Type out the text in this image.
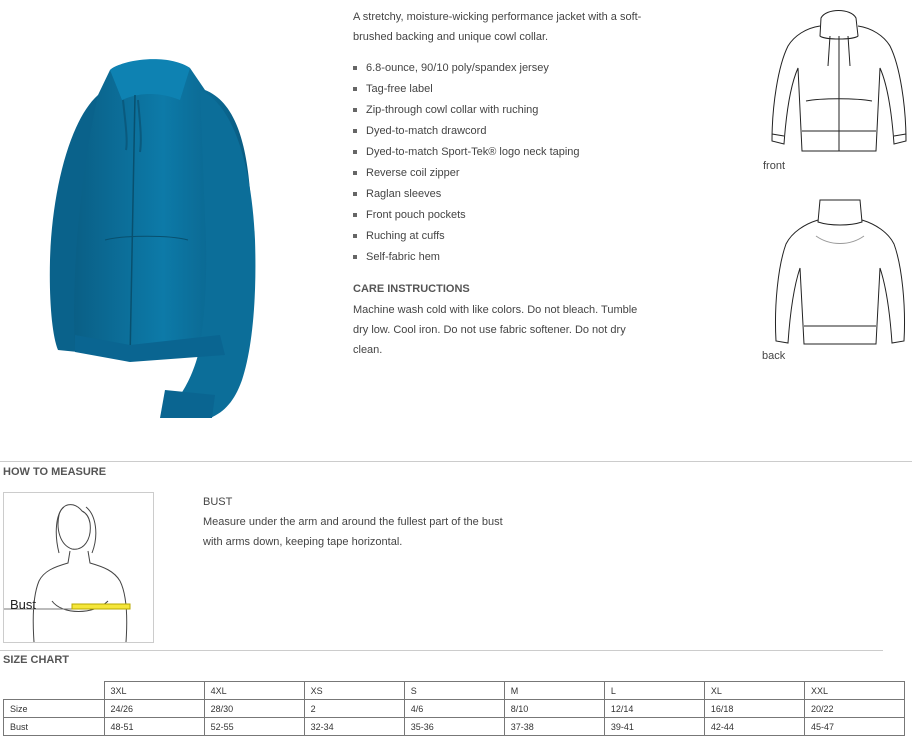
A stretchy, moisture-wicking performance jacket with a soft-brushed backing and unique cowl collar.
6.8-ounce, 90/10 poly/spandex jersey
Tag-free label
Zip-through cowl collar with ruching
Dyed-to-match drawcord
Dyed-to-match Sport-Tek® logo neck taping
Reverse coil zipper
Raglan sleeves
Front pouch pockets
Ruching at cuffs
Self-fabric hem
CARE INSTRUCTIONS
Machine wash cold with like colors. Do not bleach. Tumble dry low. Cool iron. Do not use fabric softener. Do not dry clean.
front
back
HOW TO MEASURE
Bust
BUST
Measure under the arm and around the fullest part of the bust with arms down, keeping tape horizontal.
SIZE CHART
	3XL	4XL	XS	S	M	L	XL	XXL
Size	24/26	28/30	2	4/6	8/10	12/14	16/18	20/22
Bust	48-51	52-55	32-34	35-36	37-38	39-41	42-44	45-47
